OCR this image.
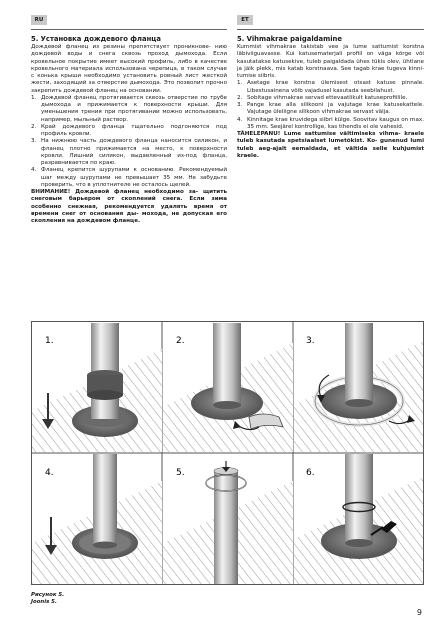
RU	ET
5. Установка дождевого фланца

Дождевой фланец из резины препятствует проникнове- нию дождевой воды и снега сквозь проход дымохода. Если кровельное покрытие имеет высокий профиль, либо в качестве кровельного материала использована черепица, в таком случае с конька крыши необходимо установить ровный лист жесткой жести, заходящий за отверстие дымохода. Это позволит прочно закрепить дождевой фланец на основании.

1. Дождевой фланец протягивается сквозь отверстие по трубе дымохода и прижимается к поверхности крыши. Для уменьшения трения при протягивании можно использовать, например, мыльный раствор.
2. Край дождевого фланца тщательно подгоняются под профиль кровли.
3. На нижнюю часть дождевого фланца наносится силикон, и фланец плотно прижимается на место, к поверхности кровли. Лишний силикон, выдавленный из-под фланца, разравнивается по краю.
4. Фланец крепится шурупами к основанию. Рекомендуемый шаг между шурупами не превышает 35 мм. Не забудьте проверить, что в уплотнителе не осталось щелей.

ВНИМАНИЕ! Дождевой фланец необходимо за- щитить снеговым барьером от скоплений снега. Если зима особенно снежная, рекомендуется удалять время от времени снег от основания ды- мохода, не допуская его скопления на дождевом фланце.

5. Vihmakrae paigaldamine

Kummist vihmakrae takistab vee ja lume sattumist korstna läbiviiguavasse. Kui katusematerjali profiil on väga kõrge või kasutatakse katusekive, tuleb paigaldada ühes tükis olev, ühtlane ja jäik plekk, mis katab korstnaava. See tagab krae tugeva kinni- tumise siibris.

1. Asetage krae korstna ülemisest otsast katuse pinnale. Libestusainena võib vajadusel kasutada seebilahust.
2. Sobitage vihmakrae servad ettevaatlikult katuseprofiilile.
3. Pange krae alla silikooni ja vajutage krae katusekattele. Vajutage üleliigne silikoon vihmakrae servast välja.
4. Kinnitage krae kruvidega siibri külge. Soovitav kaugus on max. 35 mm. Seejärel kontrollige, kas tihendis ei ole vahesid.

TÄHELEPANU! Lume sattumise vältimiseks vihma- kraele tuleb kasutada spetsiaalset lumetõkist. Ko- gunenud lumi tuleb aeg-ajalt eemaldada, et vältida selle kuhjumist kraele.

1.	2.	3.
4.	5.	6.
Рисунок 5.
Joonis 5.
9
